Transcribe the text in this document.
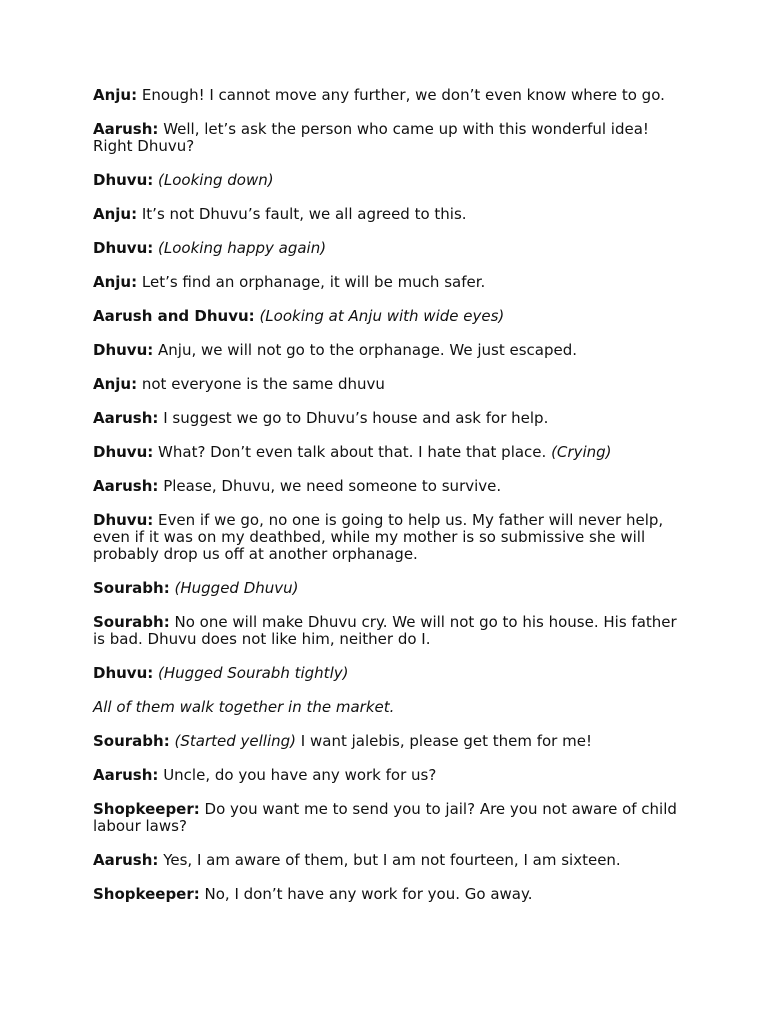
Anju: Enough! I cannot move any further, we don’t even know where to go.

Aarush: Well, let’s ask the person who came up with this wonderful idea! Right Dhuvu?

Dhuvu: (Looking down)

Anju: It’s not Dhuvu’s fault, we all agreed to this.

Dhuvu: (Looking happy again)

Anju: Let’s find an orphanage, it will be much safer.

Aarush and Dhuvu: (Looking at Anju with wide eyes)

Dhuvu: Anju, we will not go to the orphanage. We just escaped.

Anju: not everyone is the same dhuvu

Aarush: I suggest we go to Dhuvu’s house and ask for help.

Dhuvu: What? Don’t even talk about that. I hate that place. (Crying)

Aarush: Please, Dhuvu, we need someone to survive.

Dhuvu: Even if we go, no one is going to help us. My father will never help, even if it was on my deathbed, while my mother is so submissive she will probably drop us off at another orphanage.

Sourabh: (Hugged Dhuvu)

Sourabh: No one will make Dhuvu cry. We will not go to his house. His father is bad. Dhuvu does not like him, neither do I.

Dhuvu: (Hugged Sourabh tightly)

All of them walk together in the market.

Sourabh: (Started yelling) I want jalebis, please get them for me!

Aarush: Uncle, do you have any work for us?

Shopkeeper: Do you want me to send you to jail? Are you not aware of child labour laws?

Aarush: Yes, I am aware of them, but I am not fourteen, I am sixteen.

Shopkeeper: No, I don’t have any work for you. Go away.
